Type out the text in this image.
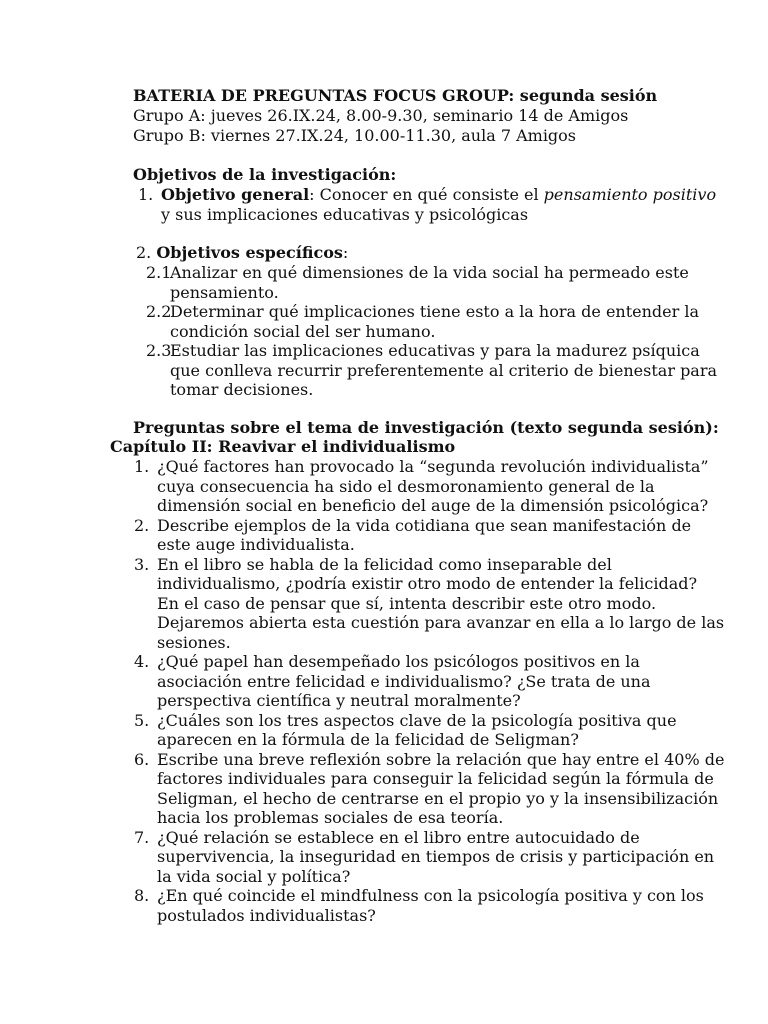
BATERIA DE PREGUNTAS FOCUS GROUP: segunda sesión
Grupo A: jueves 26.IX.24, 8.00-9.30, seminario 14 de Amigos
Grupo B: viernes 27.IX.24, 10.00-11.30, aula 7 Amigos
Objetivos de la investigación:
1. Objetivo general: Conocer en qué consiste el pensamiento positivo
y sus implicaciones educativas y psicológicas
2. Objetivos específicos:
2.1
Analizar en qué dimensiones de la vida social ha permeado este
pensamiento.
2.2
Determinar qué implicaciones tiene esto a la hora de entender la
condición social del ser humano.
2.3
Estudiar las implicaciones educativas y para la madurez psíquica
que conlleva recurrir preferentemente al criterio de bienestar para
tomar decisiones.
Preguntas sobre el tema de investigación (texto segunda sesión):
Capítulo II: Reavivar el individualismo
1. ¿Qué factores han provocado la “segunda revolución individualista”
cuya consecuencia ha sido el desmoronamiento general de la
dimensión social en beneficio del auge de la dimensión psicológica?
2. Describe ejemplos de la vida cotidiana que sean manifestación de
este auge individualista.
3. En el libro se habla de la felicidad como inseparable del
individualismo, ¿podría existir otro modo de entender la felicidad?
En el caso de pensar que sí, intenta describir este otro modo.
Dejaremos abierta esta cuestión para avanzar en ella a lo largo de las
sesiones.
4. ¿Qué papel han desempeñado los psicólogos positivos en la
asociación entre felicidad e individualismo? ¿Se trata de una
perspectiva científica y neutral moralmente?
5. ¿Cuáles son los tres aspectos clave de la psicología positiva que
aparecen en la fórmula de la felicidad de Seligman?
6. Escribe una breve reflexión sobre la relación que hay entre el 40% de
factores individuales para conseguir la felicidad según la fórmula de
Seligman, el hecho de centrarse en el propio yo y la insensibilización
hacia los problemas sociales de esa teoría.
7. ¿Qué relación se establece en el libro entre autocuidado de
supervivencia, la inseguridad en tiempos de crisis y participación en
la vida social y política?
8. ¿En qué coincide el mindfulness con la psicología positiva y con los
postulados individualistas?
